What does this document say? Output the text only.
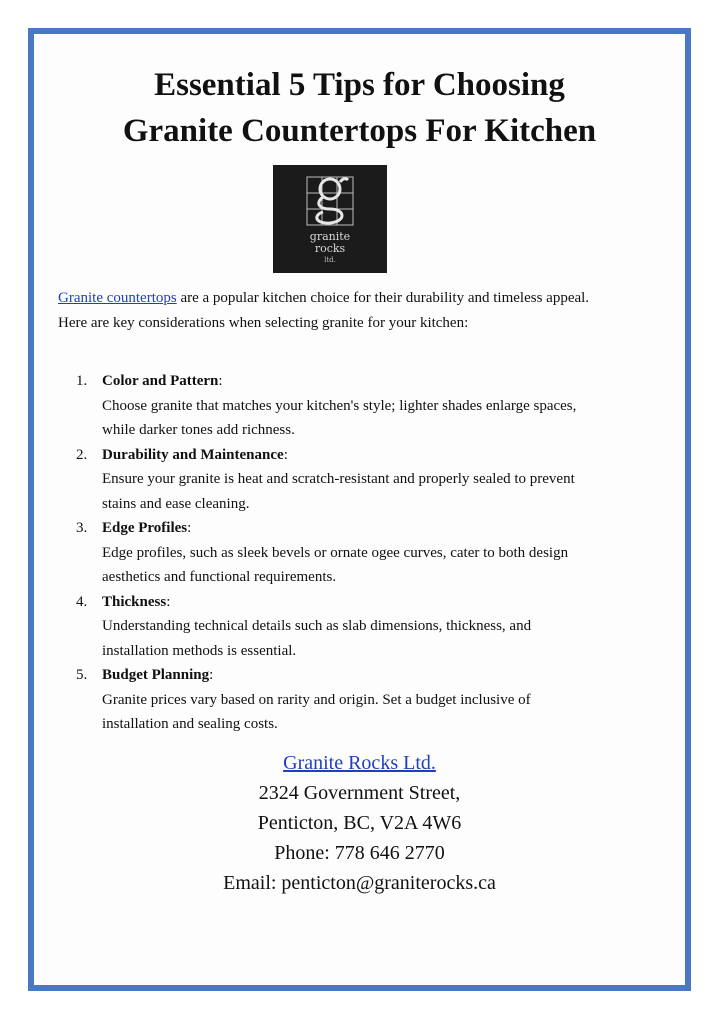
Essential 5 Tips for Choosing
Granite Countertops For Kitchen
granite
rocks
ltd.

Granite countertops are a popular kitchen choice for their durability and timeless appeal. Here are key considerations when selecting granite for your kitchen:

1. Color and Pattern:
Choose granite that matches your kitchen's style; lighter shades enlarge spaces, while darker tones add richness.
2. Durability and Maintenance:
Ensure your granite is heat and scratch-resistant and properly sealed to prevent stains and ease cleaning.
3. Edge Profiles:
Edge profiles, such as sleek bevels or ornate ogee curves, cater to both design aesthetics and functional requirements.
4. Thickness:
Understanding technical details such as slab dimensions, thickness, and installation methods is essential.
5. Budget Planning:
Granite prices vary based on rarity and origin. Set a budget inclusive of installation and sealing costs.
Granite Rocks Ltd.
2324 Government Street,
Penticton, BC, V2A 4W6
Phone: 778 646 2770
Email: penticton@graniterocks.ca
